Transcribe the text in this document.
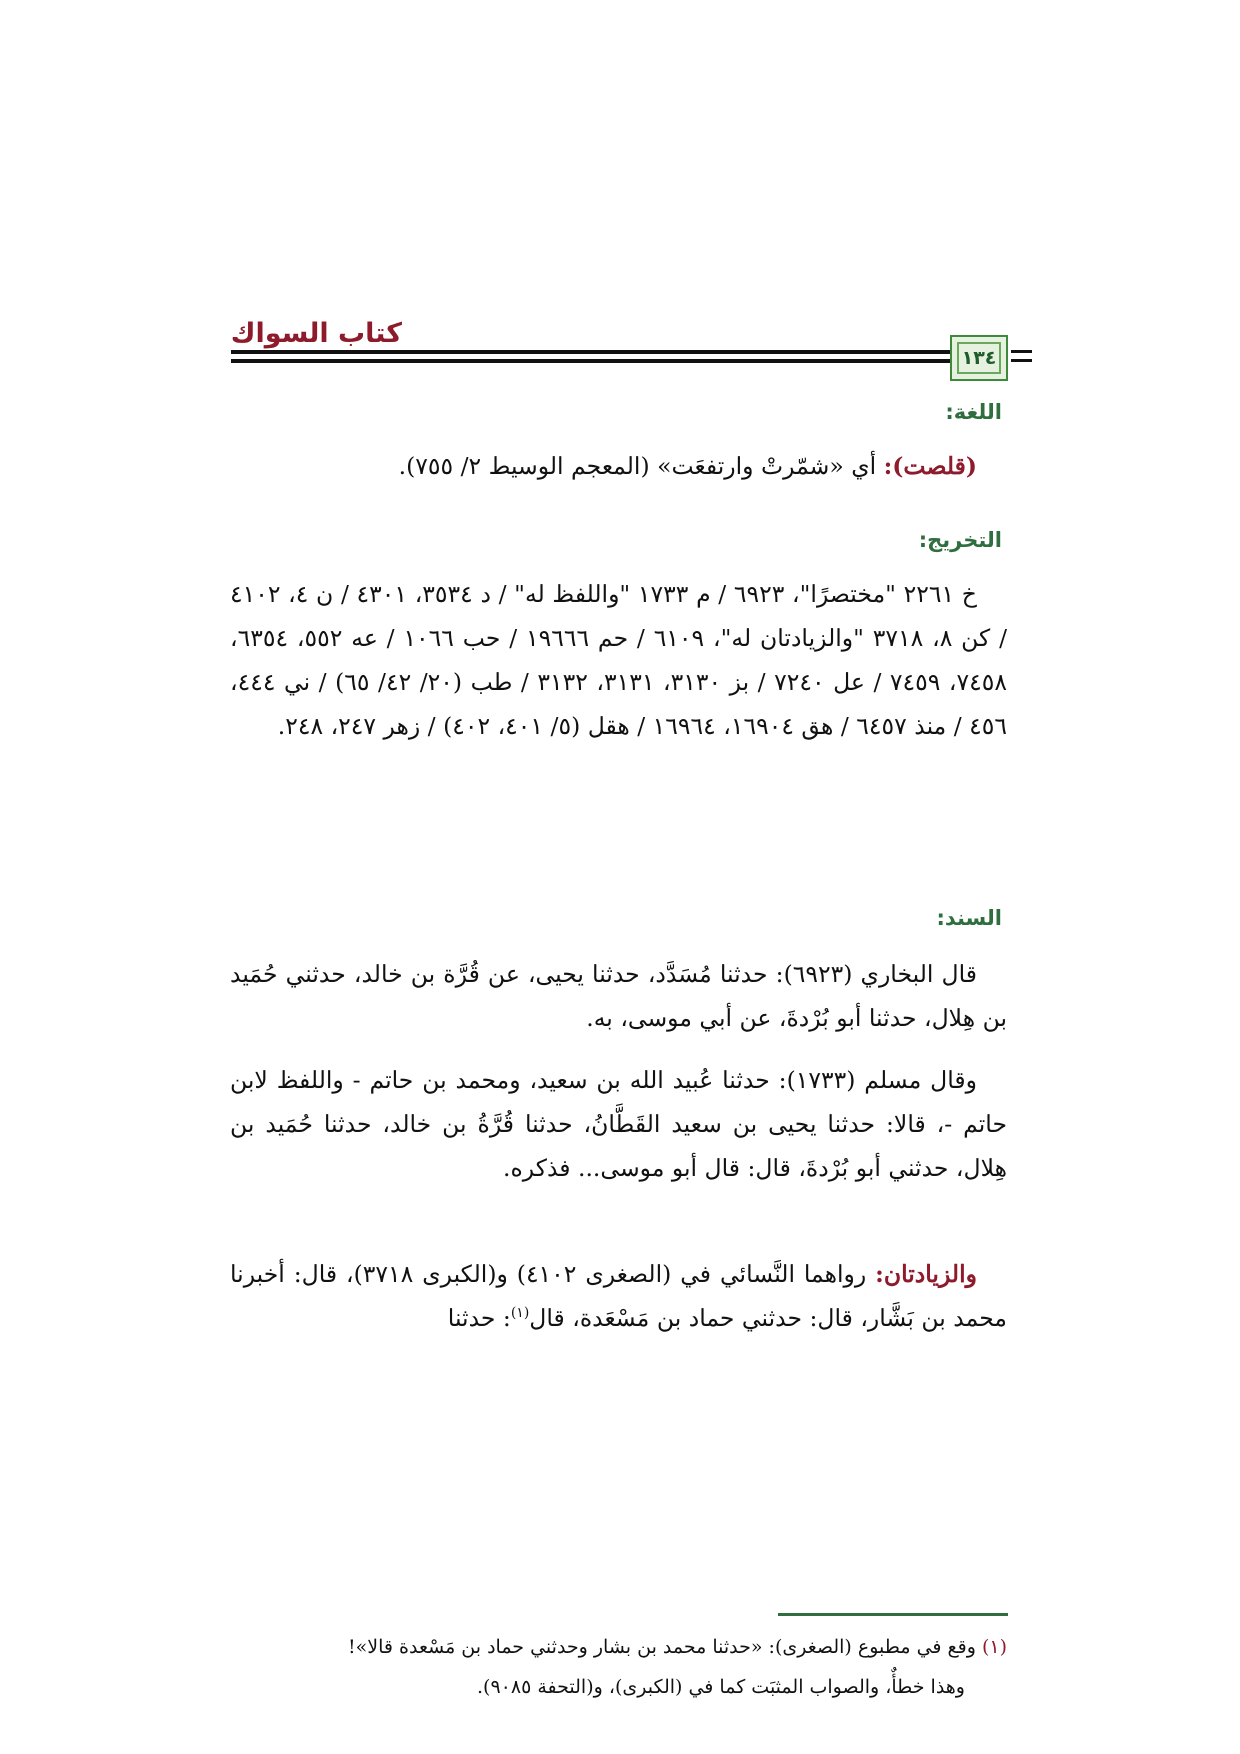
كتاب السواك
١٣٤
اللغة:

(قلصت): أي «شمّرتْ وارتفعَت» (المعجم الوسيط ٢/ ٧٥٥).

التخريج:

خ ٢٢٦١ "مختصرًا"، ٦٩٢٣ / م ١٧٣٣ "واللفظ له" / د ٣٥٣٤، ٤٣٠١ / ن ٤، ٤١٠٢ / كن ٨، ٣٧١٨ "والزيادتان له"، ٦١٠٩ / حم ١٩٦٦٦ / حب ١٠٦٦ / عه ٥٥٢، ٦٣٥٤، ٧٤٥٨، ٧٤٥٩ / عل ٧٢٤٠ / بز ٣١٣٠، ٣١٣١، ٣١٣٢ / طب (٢٠/ ٤٢/ ٦٥) / ني ٤٤٤، ٤٥٦ / منذ ٦٤٥٧ / هق ١٦٩٠٤، ١٦٩٦٤ / هقل (٥/ ٤٠١، ٤٠٢) / زهر ٢٤٧، ٢٤٨.

السند:

قال البخاري (٦٩٢٣): حدثنا مُسَدَّد، حدثنا يحيى، عن قُرَّة بن خالد، حدثني حُمَيد بن هِلال، حدثنا أبو بُرْدةَ، عن أبي موسى، به.

وقال مسلم (١٧٣٣): حدثنا عُبيد الله بن سعيد، ومحمد بن حاتم - واللفظ لابن حاتم -، قالا: حدثنا يحيى بن سعيد القَطَّانُ، حدثنا قُرَّةُ بن خالد، حدثنا حُمَيد بن هِلال، حدثني أبو بُرْدةَ، قال: قال أبو موسى... فذكره.

والزيادتان: رواهما النَّسائي في (الصغرى ٤١٠٢) و(الكبرى ٣٧١٨)، قال: أخبرنا محمد بن بَشَّار، قال: حدثني حماد بن مَسْعَدة، قال$^{(١)}$: حدثنا

(١) وقع في مطبوع (الصغرى): «حدثنا محمد بن بشار وحدثني حماد بن مَسْعدة قالا»!

وهذا خطأٌ، والصواب المثبَت كما في (الكبرى)، و(التحفة ٩٠٨٥).
